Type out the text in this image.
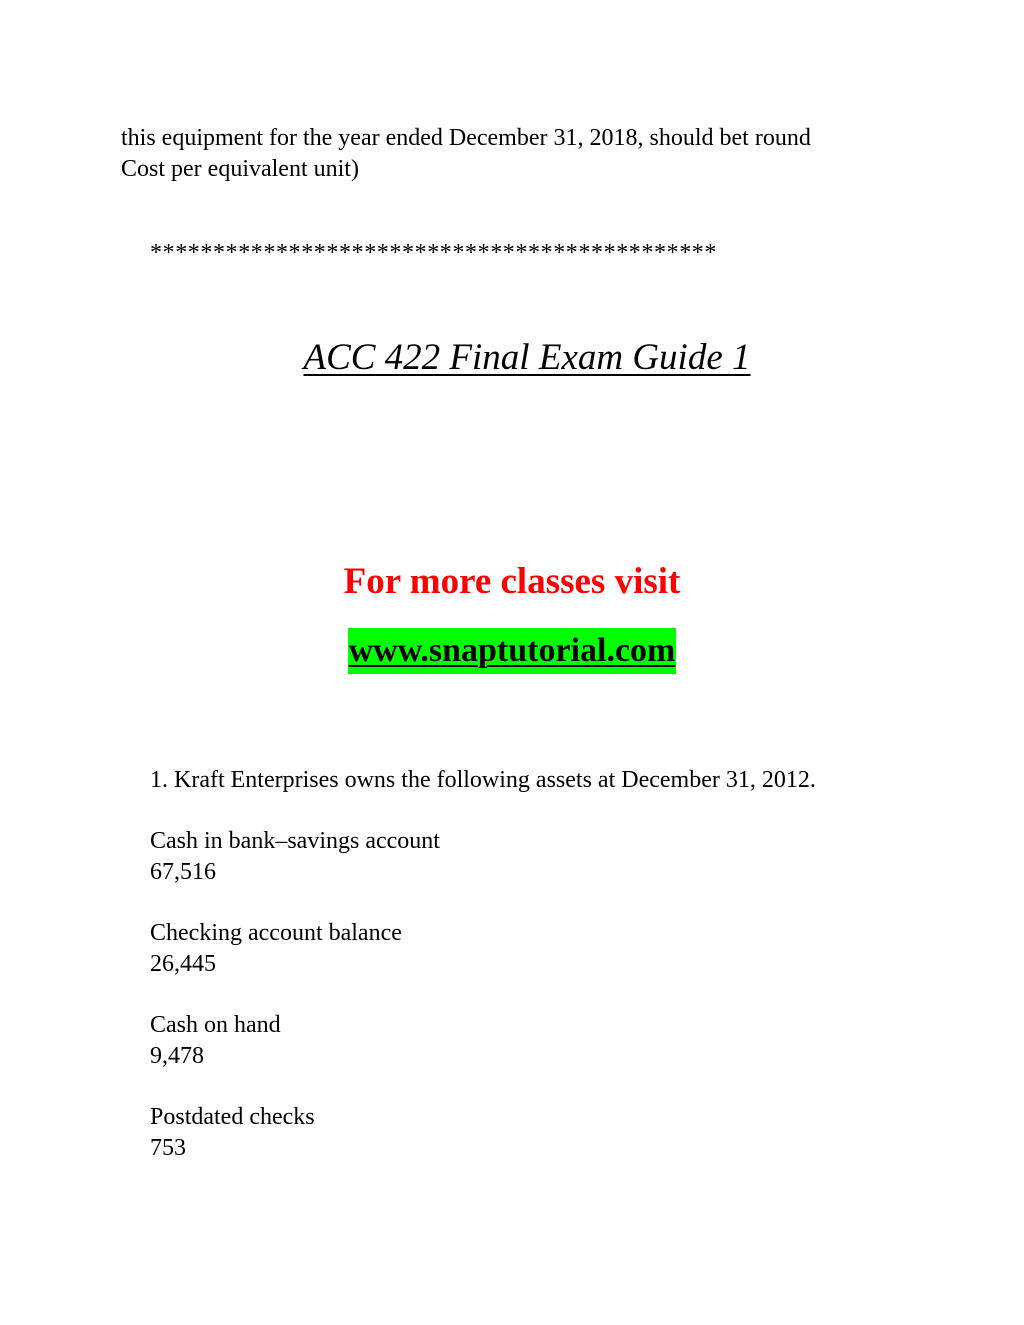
this equipment for the year ended December 31, 2018, should bet round
Cost per equivalent unit)
*********************************************
ACC 422 Final Exam Guide 1
For more classes visit
www.snaptutorial.com
1. Kraft Enterprises owns the following assets at December 31, 2012.
Cash in bank–savings account
67,516
Checking account balance
26,445
Cash on hand
9,478
Postdated checks
753
